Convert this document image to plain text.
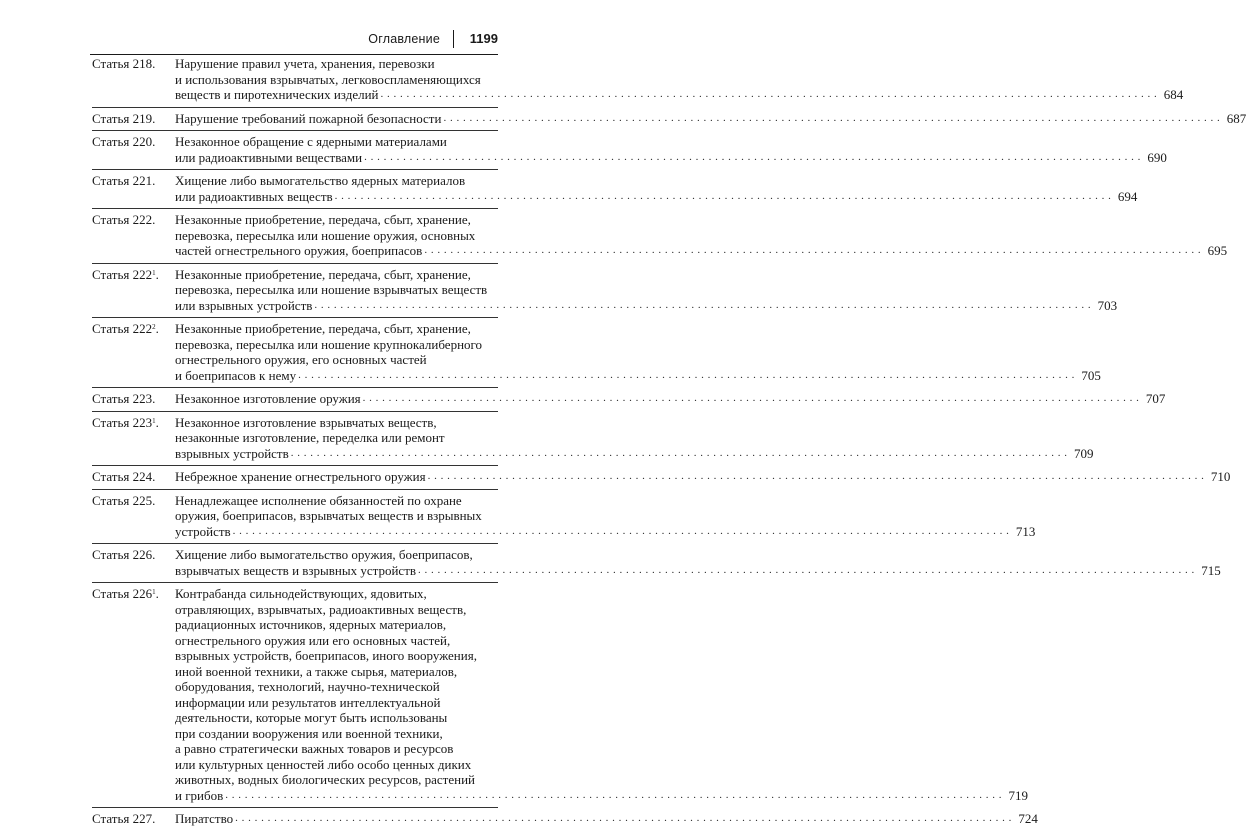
Оглавление 1199
Статья 218. Нарушение правил учета, хранения, перевозки
и использования взрывчатых, легковоспламеняющихся
веществ и пиротехнических изделий . . . . . . . . . . . . . . . . . . . . . . . . . . . . . . . . . . . . . . . . . . . . . . . . . . . . . . . . . . . . . . . . . . . . . . . . . . . . . . . . . . . . . . . . . . . . . . . . . . . . . . . . . . . . . . . . . . . . . . . . 684
Статья 219. Нарушение требований пожарной безопасности . . . . . . . . . . . . . . . . . . . . . . . . . . . . . . . . . . . . . . . . . . . . . . . . . . . . . . . . . . . . . . . . . . . . . . . . . . . . . . . . . . . . . . . . . . . . . . . . . . . . . . . . . . . . . . . . . . . . . . . . 687
Статья 220. Незаконное обращение с ядерными материалами
или радиоактивными веществами . . . . . . . . . . . . . . . . . . . . . . . . . . . . . . . . . . . . . . . . . . . . . . . . . . . . . . . . . . . . . . . . . . . . . . . . . . . . . . . . . . . . . . . . . . . . . . . . . . . . . . . . . . . . . . . . . . . . . . . . 690
Статья 221. Хищение либо вымогательство ядерных материалов
или радиоактивных веществ . . . . . . . . . . . . . . . . . . . . . . . . . . . . . . . . . . . . . . . . . . . . . . . . . . . . . . . . . . . . . . . . . . . . . . . . . . . . . . . . . . . . . . . . . . . . . . . . . . . . . . . . . . . . . . . . . . . . . . . . 694
Статья 222. Незаконные приобретение, передача, сбыт, хранение,
перевозка, пересылка или ношение оружия, основных
частей огнестрельного оружия, боеприпасов . . . . . . . . . . . . . . . . . . . . . . . . . . . . . . . . . . . . . . . . . . . . . . . . . . . . . . . . . . . . . . . . . . . . . . . . . . . . . . . . . . . . . . . . . . . . . . . . . . . . . . . . . . . . . . . . . . . . . . . . 695
Статья $222^1$. Незаконные приобретение, передача, сбыт, хранение,
перевозка, пересылка или ношение взрывчатых веществ
или взрывных устройств . . . . . . . . . . . . . . . . . . . . . . . . . . . . . . . . . . . . . . . . . . . . . . . . . . . . . . . . . . . . . . . . . . . . . . . . . . . . . . . . . . . . . . . . . . . . . . . . . . . . . . . . . . . . . . . . . . . . . . . . 703
Статья $222^2$. Незаконные приобретение, передача, сбыт, хранение,
перевозка, пересылка или ношение крупнокалиберного
огнестрельного оружия, его основных частей
и боеприпасов к нему . . . . . . . . . . . . . . . . . . . . . . . . . . . . . . . . . . . . . . . . . . . . . . . . . . . . . . . . . . . . . . . . . . . . . . . . . . . . . . . . . . . . . . . . . . . . . . . . . . . . . . . . . . . . . . . . . . . . . . . . 705
Статья 223. Незаконное изготовление оружия . . . . . . . . . . . . . . . . . . . . . . . . . . . . . . . . . . . . . . . . . . . . . . . . . . . . . . . . . . . . . . . . . . . . . . . . . . . . . . . . . . . . . . . . . . . . . . . . . . . . . . . . . . . . . . . . . . . . . . . . 707
Статья $223^1$. Незаконное изготовление взрывчатых веществ,
незаконные изготовление, переделка или ремонт
взрывных устройств . . . . . . . . . . . . . . . . . . . . . . . . . . . . . . . . . . . . . . . . . . . . . . . . . . . . . . . . . . . . . . . . . . . . . . . . . . . . . . . . . . . . . . . . . . . . . . . . . . . . . . . . . . . . . . . . . . . . . . . . 709
Статья 224. Небрежное хранение огнестрельного оружия . . . . . . . . . . . . . . . . . . . . . . . . . . . . . . . . . . . . . . . . . . . . . . . . . . . . . . . . . . . . . . . . . . . . . . . . . . . . . . . . . . . . . . . . . . . . . . . . . . . . . . . . . . . . . . . . . . . . . . . . 710
Статья 225. Ненадлежащее исполнение обязанностей по охране
оружия, боеприпасов, взрывчатых веществ и взрывных
устройств . . . . . . . . . . . . . . . . . . . . . . . . . . . . . . . . . . . . . . . . . . . . . . . . . . . . . . . . . . . . . . . . . . . . . . . . . . . . . . . . . . . . . . . . . . . . . . . . . . . . . . . . . . . . . . . . . . . . . . . . 713
Статья 226. Хищение либо вымогательство оружия, боеприпасов,
взрывчатых веществ и взрывных устройств . . . . . . . . . . . . . . . . . . . . . . . . . . . . . . . . . . . . . . . . . . . . . . . . . . . . . . . . . . . . . . . . . . . . . . . . . . . . . . . . . . . . . . . . . . . . . . . . . . . . . . . . . . . . . . . . . . . . . . . . 715
Статья $226^1$. Контрабанда сильнодействующих, ядовитых,
отравляющих, взрывчатых, радиоактивных веществ,
радиационных источников, ядерных материалов,
огнестрельного оружия или его основных частей,
взрывных устройств, боеприпасов, иного вооружения,
иной военной техники, а также сырья, материалов,
оборудования, технологий, научно-технической
информации или результатов интеллектуальной
деятельности, которые могут быть использованы
при создании вооружения или военной техники,
а равно стратегически важных товаров и ресурсов
или культурных ценностей либо особо ценных диких
животных, водных биологических ресурсов, растений
и грибов . . . . . . . . . . . . . . . . . . . . . . . . . . . . . . . . . . . . . . . . . . . . . . . . . . . . . . . . . . . . . . . . . . . . . . . . . . . . . . . . . . . . . . . . . . . . . . . . . . . . . . . . . . . . . . . . . . . . . . . . 719
Статья 227. Пиратство . . . . . . . . . . . . . . . . . . . . . . . . . . . . . . . . . . . . . . . . . . . . . . . . . . . . . . . . . . . . . . . . . . . . . . . . . . . . . . . . . . . . . . . . . . . . . . . . . . . . . . . . . . . . . . . . . . . . . . . . 724
